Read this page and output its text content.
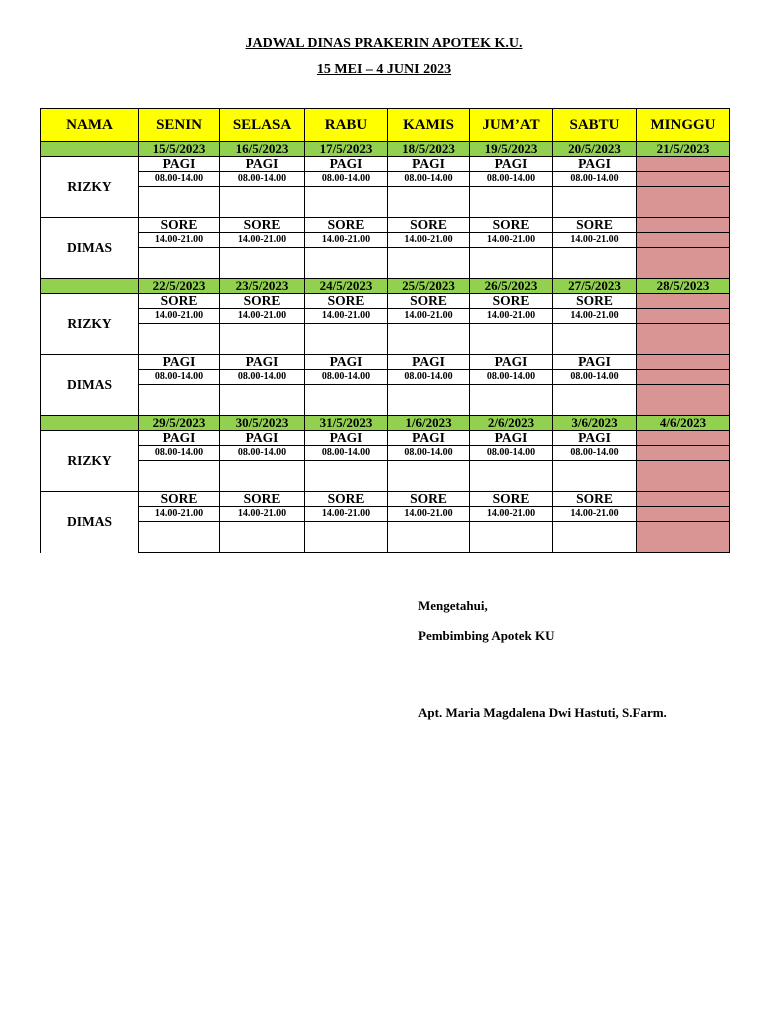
JADWAL DINAS PRAKERIN APOTEK K.U.
15 MEI – 4 JUNI 2023
NAMA	SENIN	SELASA	RABU	KAMIS	JUM’AT	SABTU	MINGGU
	15/5/2023	16/5/2023	17/5/2023	18/5/2023	19/5/2023	20/5/2023	21/5/2023
RIZKY	PAGI	PAGI	PAGI	PAGI	PAGI	PAGI	
	08.00-14.00	08.00-14.00	08.00-14.00	08.00-14.00	08.00-14.00	08.00-14.00	

DIMAS	SORE	SORE	SORE	SORE	SORE	SORE	
	14.00-21.00	14.00-21.00	14.00-21.00	14.00-21.00	14.00-21.00	14.00-21.00	

	22/5/2023	23/5/2023	24/5/2023	25/5/2023	26/5/2023	27/5/2023	28/5/2023
RIZKY	SORE	SORE	SORE	SORE	SORE	SORE	
	14.00-21.00	14.00-21.00	14.00-21.00	14.00-21.00	14.00-21.00	14.00-21.00	

DIMAS	PAGI	PAGI	PAGI	PAGI	PAGI	PAGI	
	08.00-14.00	08.00-14.00	08.00-14.00	08.00-14.00	08.00-14.00	08.00-14.00	

	29/5/2023	30/5/2023	31/5/2023	1/6/2023	2/6/2023	3/6/2023	4/6/2023
RIZKY	PAGI	PAGI	PAGI	PAGI	PAGI	PAGI	
	08.00-14.00	08.00-14.00	08.00-14.00	08.00-14.00	08.00-14.00	08.00-14.00	

DIMAS	SORE	SORE	SORE	SORE	SORE	SORE	
	14.00-21.00	14.00-21.00	14.00-21.00	14.00-21.00	14.00-21.00	14.00-21.00	

Mengetahui,
Pembimbing Apotek KU
Apt. Maria Magdalena Dwi Hastuti, S.Farm.
